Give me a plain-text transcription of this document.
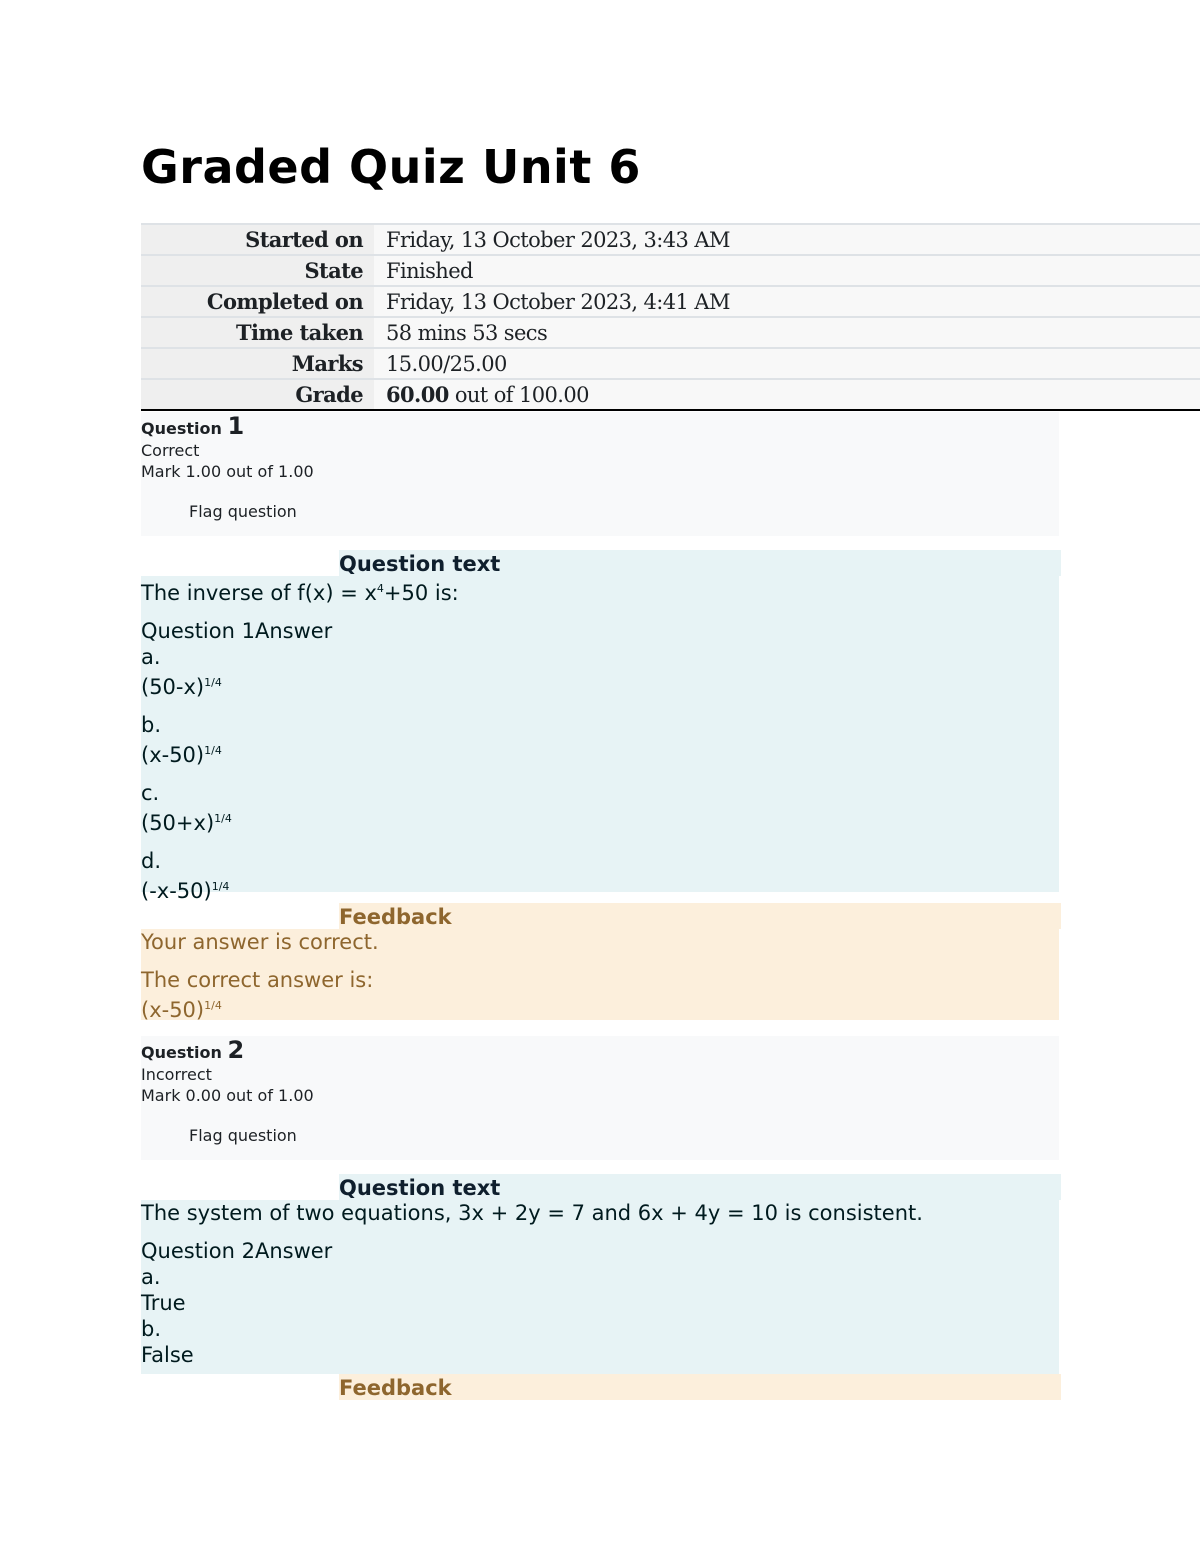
Graded Quiz Unit 6
Started on	Friday, 13 October 2023, 3:43 AM
State	Finished
Completed on	Friday, 13 October 2023, 4:41 AM
Time taken	58 mins 53 secs
Marks	15.00/25.00
Grade	60.00 out of 100.00
Question 1
Correct
Mark 1.00 out of 1.00
Flag question
Question text
The inverse of $f(x) = x^4+50$ is:
Question 1Answer
a.
$(50-x)^{1/4}$
b.
$(x-50)^{1/4}$
c.
$(50+x)^{1/4}$
d.
$(-x-50)^{1/4}$
Feedback
Your answer is correct.
The correct answer is:
$(x-50)^{1/4}$
Question 2
Incorrect
Mark 0.00 out of 1.00
Flag question
Question text
The system of two equations, 3x + 2y = 7 and 6x + 4y = 10 is consistent.
Question 2Answer
a.
True
b.
False
Feedback
